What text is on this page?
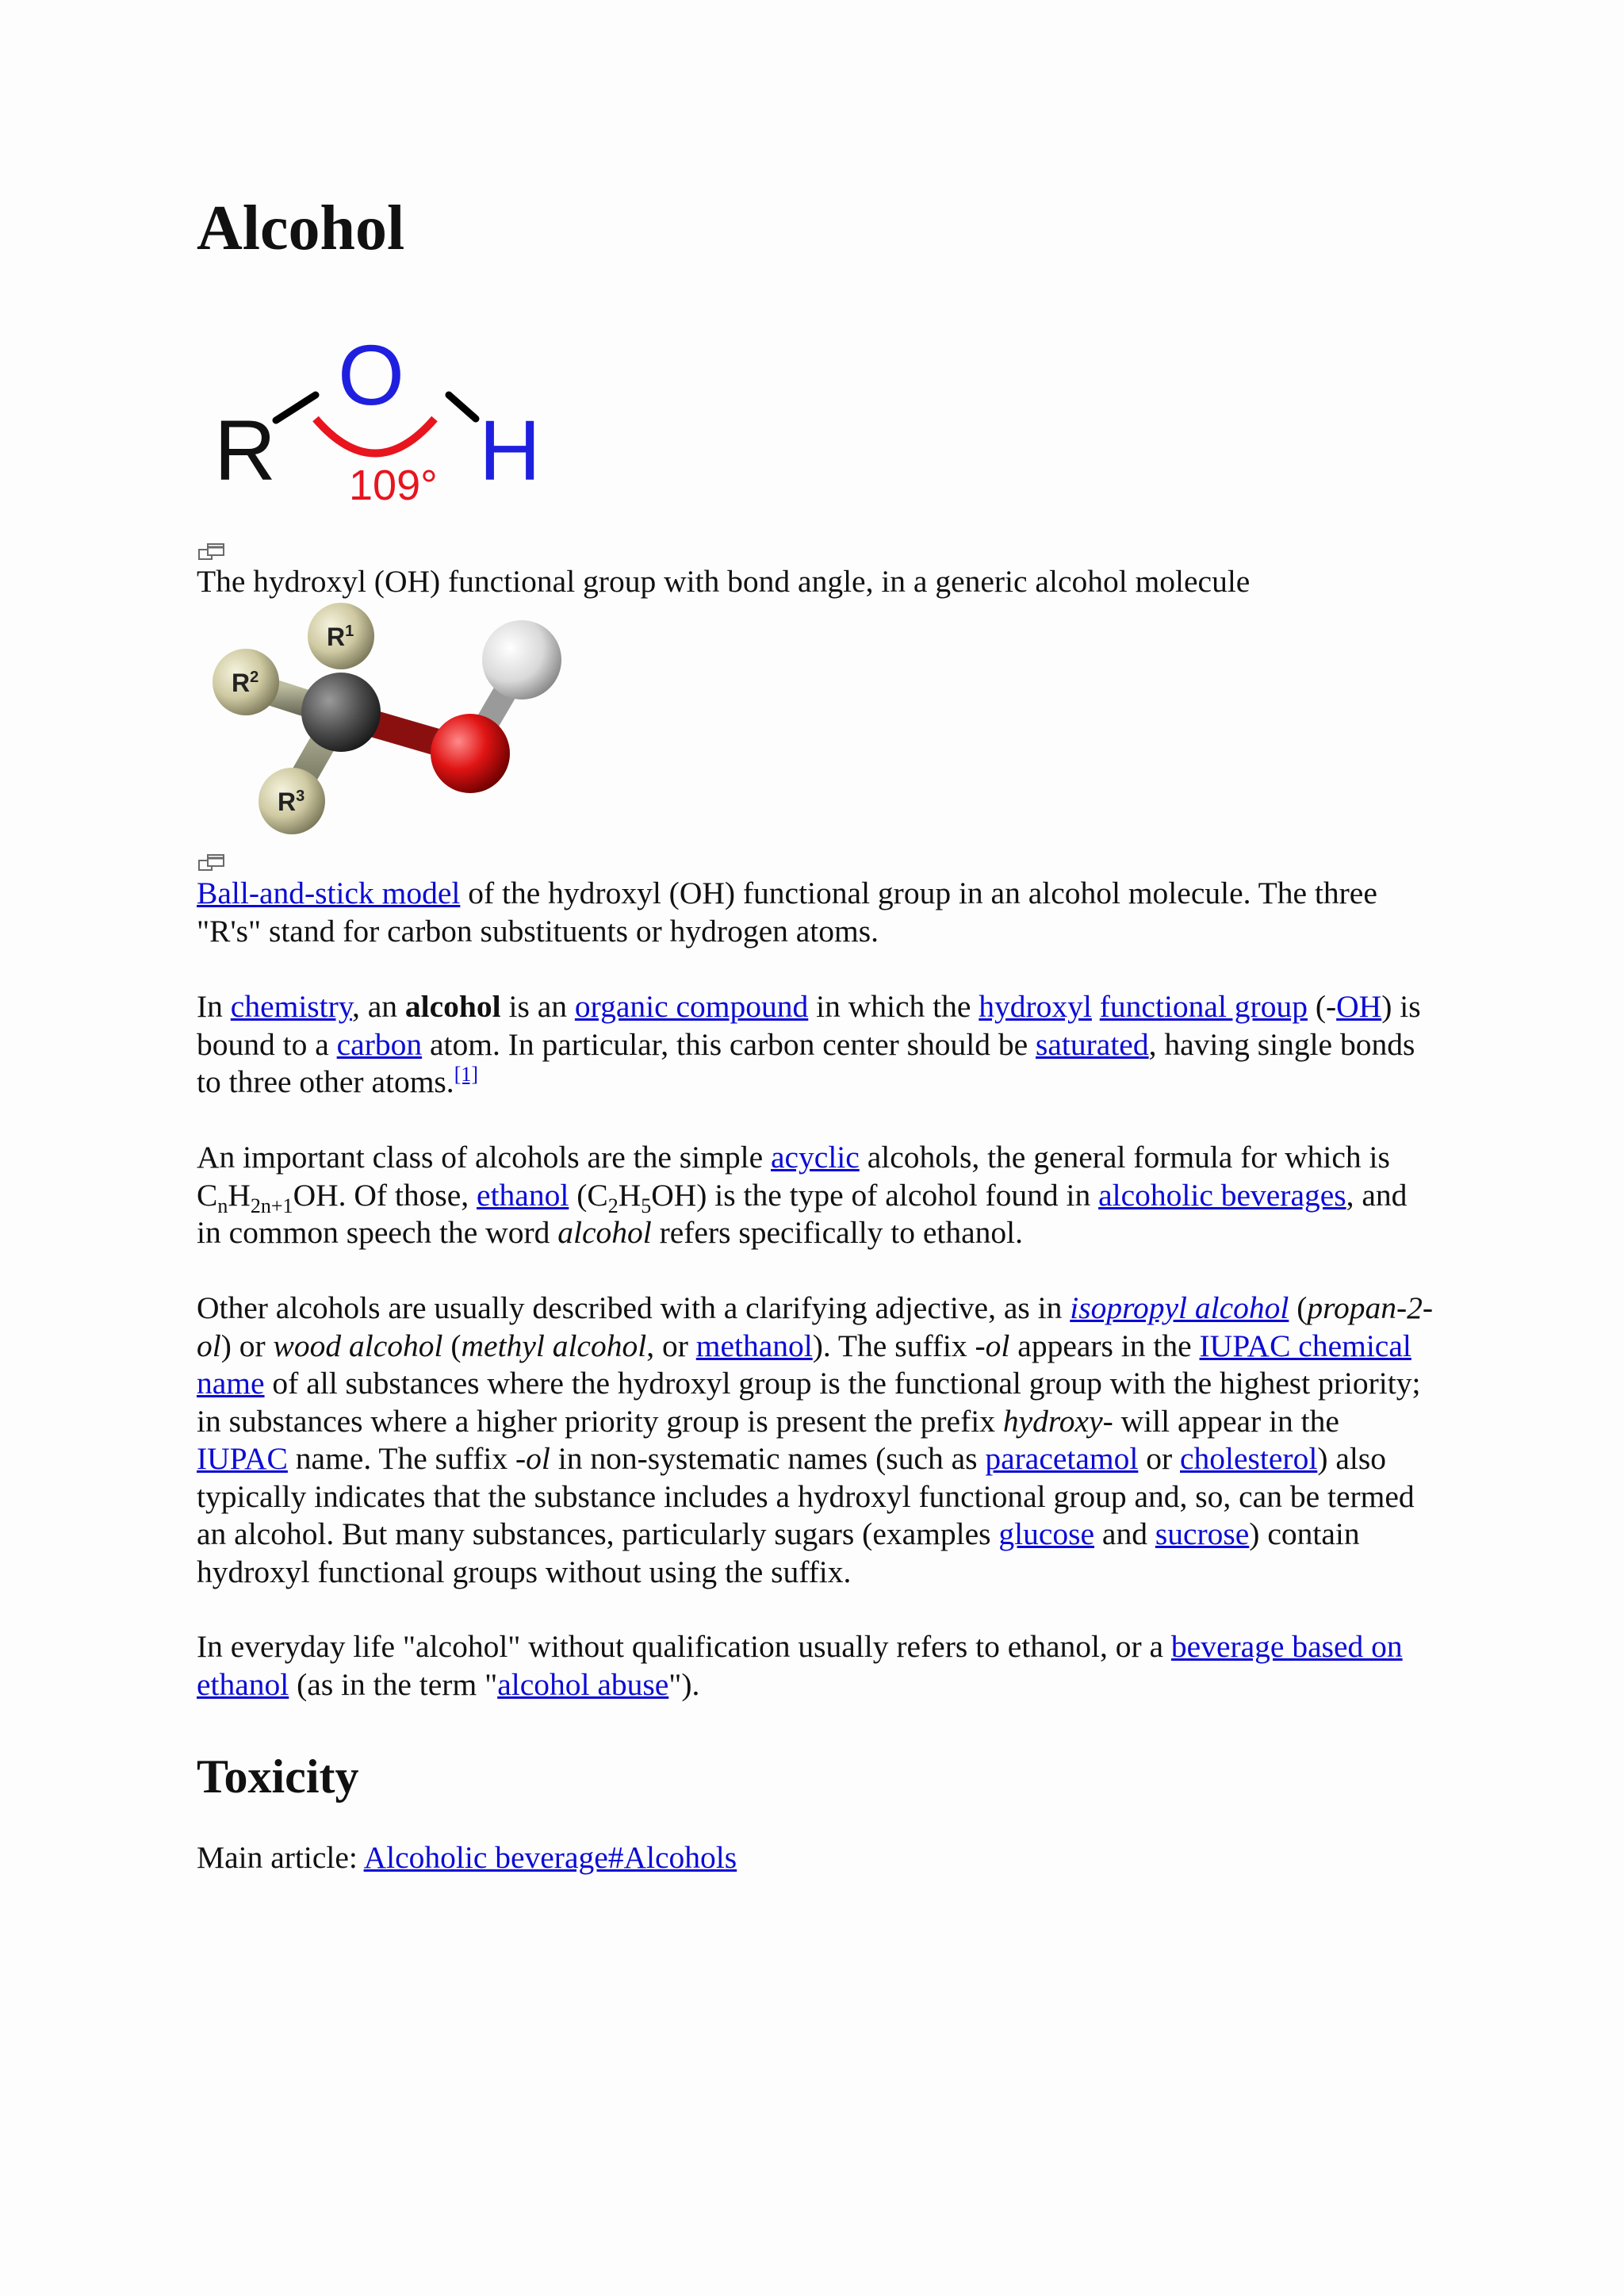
Alcohol
R
O
H
109°
The hydroxyl (OH) functional group with bond angle, in a generic alcohol molecule
$R^1$
$R^2$
$R^3$
Ball-and-stick model of the hydroxyl (OH) functional group in an alcohol molecule. The three "R's" stand for carbon substituents or hydrogen atoms.

In chemistry, an alcohol is an organic compound in which the hydroxyl functional group (-OH) is bound to a carbon atom. In particular, this carbon center should be saturated, having single bonds to three other atoms.[1]

An important class of alcohols are the simple acyclic alcohols, the general formula for which is $C_nH_{2n+1}OH$. Of those, ethanol $(C_2H_5OH)$ is the type of alcohol found in alcoholic beverages, and in common speech the word alcohol refers specifically to ethanol.

Other alcohols are usually described with a clarifying adjective, as in isopropyl alcohol (propan-2-ol) or wood alcohol (methyl alcohol, or methanol). The suffix -ol appears in the IUPAC chemical name of all substances where the hydroxyl group is the functional group with the highest priority; in substances where a higher priority group is present the prefix hydroxy- will appear in the IUPAC name. The suffix -ol in non-systematic names (such as paracetamol or cholesterol) also typically indicates that the substance includes a hydroxyl functional group and, so, can be termed an alcohol. But many substances, particularly sugars (examples glucose and sucrose) contain hydroxyl functional groups without using the suffix.

In everyday life "alcohol" without qualification usually refers to ethanol, or a beverage based on ethanol (as in the term "alcohol abuse").

Toxicity

Main article: Alcoholic beverage#Alcohols
